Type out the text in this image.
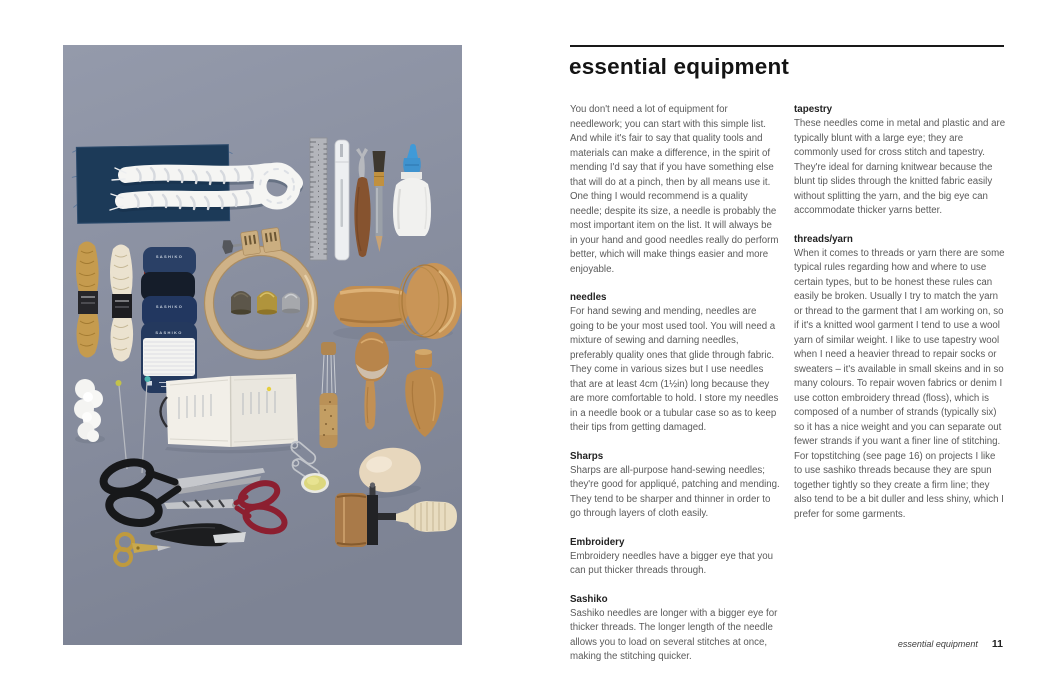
SASHIKO
SASHIKO
SASHIKO
essential equipment

You don't need a lot of equipment for needlework; you can start with this simple list. And while it's fair to say that quality tools and materials can make a difference, in the spirit of mending I'd say that if you have something else that will do at a pinch, then by all means use it. One thing I would recommend is a quality needle; despite its size, a needle is probably the most important item on the list. It will always be in your hand and good needles really do perform better, which will make things easier and more enjoyable.

needles

For hand sewing and mending, needles are going to be your most used tool. You will need a mixture of sewing and darning needles, preferably quality ones that glide through fabric. They come in various sizes but I use needles that are at least 4cm (1½in) long because they are more comfortable to hold. I store my needles in a needle book or a tubular case so as to keep their tips from getting damaged.

Sharps

Sharps are all-purpose hand-sewing needles; they're good for appliqué, patching and mending. They tend to be sharper and thinner in order to go through layers of cloth easily.

Embroidery

Embroidery needles have a bigger eye that you can put thicker threads through.

Sashiko

Sashiko needles are longer with a bigger eye for thicker threads. The longer length of the needle allows you to load on several stitches at once, making the stitching quicker.

tapestry

These needles come in metal and plastic and are typically blunt with a large eye; they are commonly used for cross stitch and tapestry. They're ideal for darning knitwear because the blunt tip slides through the knitted fabric easily without splitting the yarn, and the big eye can accommodate thicker yarns better.

threads/yarn

When it comes to threads or yarn there are some typical rules regarding how and where to use certain types, but to be honest these rules can easily be broken. Usually I try to match the yarn or thread to the garment that I am working on, so if it's a knitted wool garment I tend to use a wool yarn of similar weight. I like to use tapestry wool when I need a heavier thread to repair socks or sweaters – it's available in small skeins and in so many colours. To repair woven fabrics or denim I use cotton embroidery thread (floss), which is composed of a number of strands (typically six) so it has a nice weight and you can separate out fewer strands if you want a finer line of stitching. For topstitching (see page 16) on projects I like to use sashiko threads because they are spun together tightly so they create a firm line; they also tend to be a bit duller and less shiny, which I prefer for some garments.

essential equipment 11
